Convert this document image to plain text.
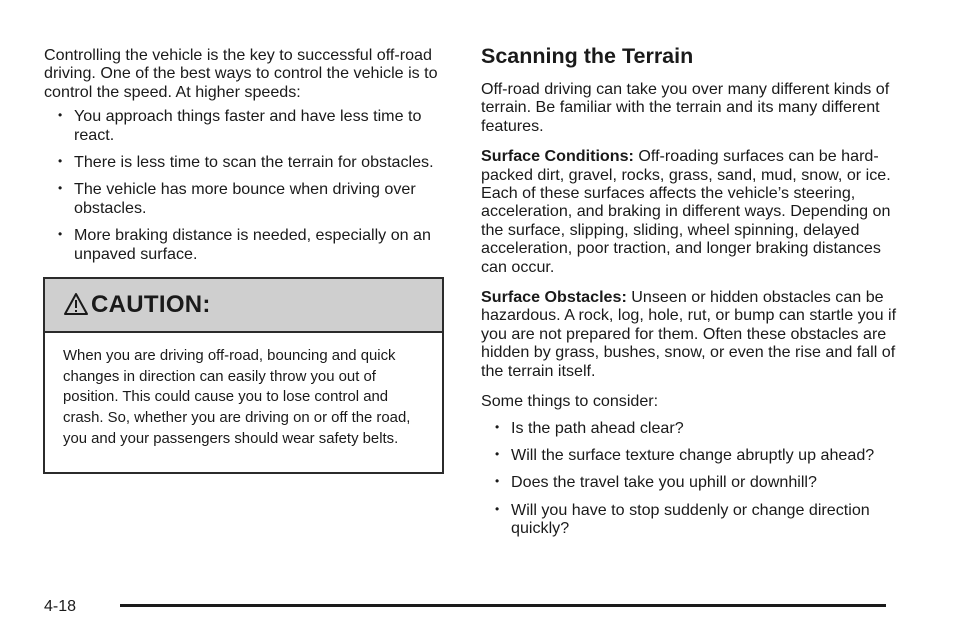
Controlling the vehicle is the key to successful off-road driving. One of the best ways to control the vehicle is to control the speed. At higher speeds:

• You approach things faster and have less time to react.
• There is less time to scan the terrain for obstacles.
• The vehicle has more bounce when driving over obstacles.
• More braking distance is needed, especially on an unpaved surface.
CAUTION:

When you are driving off-road, bouncing and quick changes in direction can easily throw you out of position. This could cause you to lose control and crash. So, whether you are driving on or off the road, you and your passengers should wear safety belts.

Scanning the Terrain

Off-road driving can take you over many different kinds of terrain. Be familiar with the terrain and its many different features.

Surface Conditions: Off-roading surfaces can be hard-packed dirt, gravel, rocks, grass, sand, mud, snow, or ice. Each of these surfaces affects the vehicle’s steering, acceleration, and braking in different ways. Depending on the surface, slipping, sliding, wheel spinning, delayed acceleration, poor traction, and longer braking distances can occur.

Surface Obstacles: Unseen or hidden obstacles can be hazardous. A rock, log, hole, rut, or bump can startle you if you are not prepared for them. Often these obstacles are hidden by grass, bushes, snow, or even the rise and fall of the terrain itself.

Some things to consider:

• Is the path ahead clear?
• Will the surface texture change abruptly up ahead?
• Does the travel take you uphill or downhill?
• Will you have to stop suddenly or change direction quickly?
4-18
